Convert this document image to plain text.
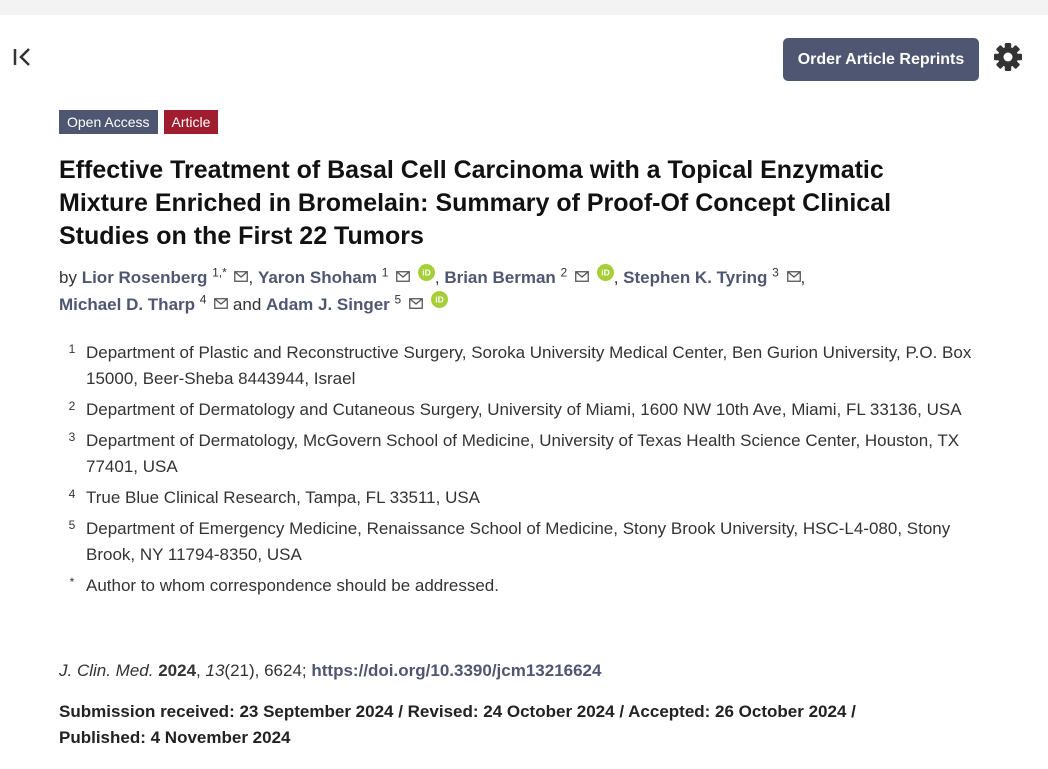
Order Article Reprints
Open Access	Article
Effective Treatment of Basal Cell Carcinoma with a Topical Enzymatic Mixture Enriched in Bromelain: Summary of Proof-Of Concept Clinical Studies on the First 22 Tumors
by Lior Rosenberg $^{1,*}$ , Yaron Shoham $^1$	iD , Brian Berman $^2$	iD , Stephen K. Tyring $^3$ ,
Michael D. Tharp $^4$ and Adam J. Singer $^5$	iD
1 Department of Plastic and Reconstructive Surgery, Soroka University Medical Center, Ben Gurion University, P.O. Box 15000, Beer-Sheba 8443944, Israel
2 Department of Dermatology and Cutaneous Surgery, University of Miami, 1600 NW 10th Ave, Miami, FL 33136, USA
3 Department of Dermatology, McGovern School of Medicine, University of Texas Health Science Center, Houston, TX 77401, USA
4 True Blue Clinical Research, Tampa, FL 33511, USA
5 Department of Emergency Medicine, Renaissance School of Medicine, Stony Brook University, HSC-L4-080, Stony Brook, NY 11794-8350, USA
* Author to whom correspondence should be addressed.
J. Clin. Med. 2024, 13(21), 6624; https://doi.org/10.3390/jcm13216624
Submission received: 23 September 2024 / Revised: 24 October 2024 / Accepted: 26 October 2024 / Published: 4 November 2024
